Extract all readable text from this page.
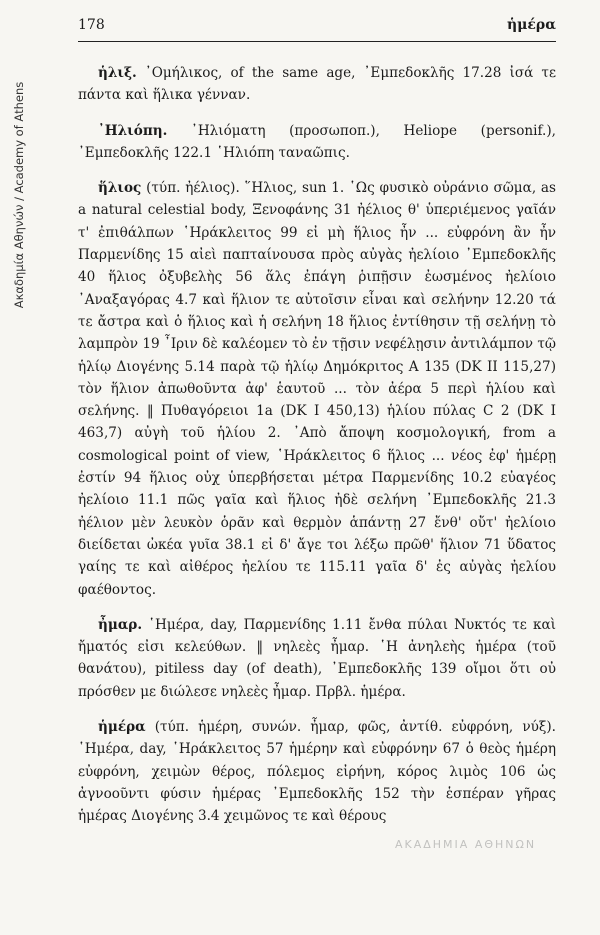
Ακαδημία Αθηνών / Academy of Athens
178	ἡμέρα

ἡλιξ. ᾿Ομήλικος, of the same age, ᾿Εμπεδοκλῆς 17.28 ἰσά τε πάντα καὶ ἥλικα γένναν.

᾿Ηλιόπη. ᾿Ηλιόματη (προσωποπ.), Heliope (personif.), ᾿Εμπεδοκλῆς 122.1 ῾Ηλιόπη ταναῶπις.

ἥλιος (τύπ. ἠέλιος). ῞Ηλιος, sun 1. ῾Ως φυσικὸ οὐράνιο σῶμα, as a natural celestial body, Ξενοφάνης 31 ἠέλιος θ' ὑπεριέμενος γαῖάν τ' ἐπιθάλπων ῾Ηράκλειτος 99 εἰ μὴ ἥλιος ἦν ... εὐφρόνη ἂν ἦν Παρμενίδης 15 αἰεὶ παπταίνουσα πρὸς αὐγὰς ἠελίοιο ᾿Εμπεδοκλῆς 40 ἥλιος ὀξυβελὴς 56 ἅλς ἐπάγη ῥιπῇσιν ἐωσμένος ἠελίοιο ᾿Αναξαγόρας 4.7 καὶ ἥλιον τε αὐτοῖσιν εἶναι καὶ σελήνην 12.20 τά τε ἄστρα καὶ ὁ ἥλιος καὶ ἡ σελήνη 18 ἥλιος ἐντίθησιν τῇ σελήνῃ τὸ λαμπρὸν 19 ῏Ιριν δὲ καλέομεν τὸ ἐν τῇσιν νεφέλῃσιν ἀντιλάμπον τῷ ἡλίῳ Διογένης 5.14 παρὰ τῷ ἡλίῳ Δημόκριτος A 135 (DK II 115,27) τὸν ἥλιον ἀπωθοῦντα ἀφ' ἑαυτοῦ ... τὸν ἀέρα 5 περὶ ἡλίου καὶ σελήνης. ‖ Πυθαγόρειοι 1a (DK I 450,13) ἡλίου πύλας C 2 (DK I 463,7) αὐγὴ τοῦ ἡλίου 2. ᾿Απὸ ἄποψη κοσμολογική, from a cosmological point of view, ῾Ηράκλειτος 6 ἥλιος ... νέος ἐφ' ἡμέρῃ ἐστίν 94 ἥλιος οὐχ ὑπερβήσεται μέτρα Παρμενίδης 10.2 εὐαγέος ἠελίοιο 11.1 πῶς γαῖα καὶ ἥλιος ἠδὲ σελήνη ᾿Εμπεδοκλῆς 21.3 ἠέλιον μὲν λευκὸν ὁρᾶν καὶ θερμὸν ἁπάντῃ 27 ἔνθ' οὔτ' ἠελίοιο διείδεται ὠκέα γυῖα 38.1 εἰ δ' ἄγε τοι λέξω πρῶθ' ἥλιον 71 ὕδατος γαίης τε καὶ αἰθέρος ἠελίου τε 115.11 γαῖα δ' ἐς αὐγὰς ἠελίου φαέθοντος.

ἦμαρ. ῾Ημέρα, day, Παρμενίδης 1.11 ἔνθα πύλαι Νυκτός τε καὶ ἤματός εἰσι κελεύθων. ‖ νηλεὲς ἦμαρ. ῾Η ἀνηλεὴς ἡμέρα (τοῦ θανάτου), pitiless day (of death), ᾿Εμπεδοκλῆς 139 οἴμοι ὅτι οὐ πρόσθεν με διώλεσε νηλεὲς ἦμαρ. Πρβλ. ἡμέρα.

ἡμέρα (τύπ. ἡμέρη, συνών. ἦμαρ, φῶς, ἀντίθ. εὐφρόνη, νύξ). ῾Ημέρα, day, ῾Ηράκλειτος 57 ἡμέρην καὶ εὐφρόνην 67 ὁ θεὸς ἡμέρη εὐφρόνη, χειμὼν θέρος, πόλεμος εἰρήνη, κόρος λιμὸς 106 ὡς ἀγνοοῦντι φύσιν ἡμέρας ᾿Εμπεδοκλῆς 152 τὴν ἑσπέραν γῆρας ἡμέρας Διογένης 3.4 χειμῶνος τε καὶ θέρους

ΑΚΑΔΗΜΙΑ ΑΘΗΝΩΝ
